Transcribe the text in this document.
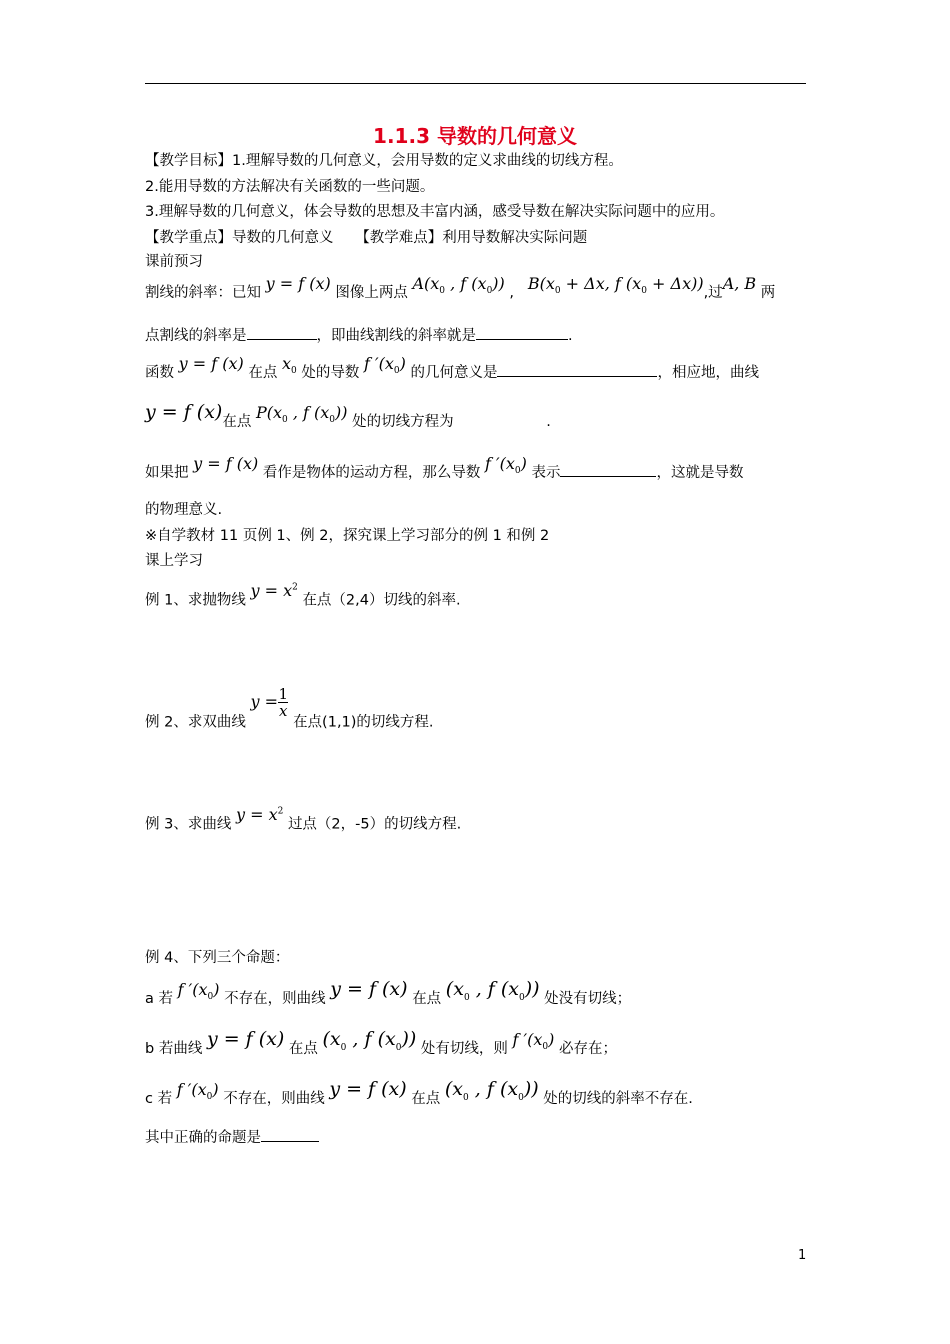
1.1.3 导数的几何意义
【教学目标】1.理解导数的几何意义，会用导数的定义求曲线的切线方程。
2.能用导数的方法解决有关函数的一些问题。
3.理解导数的几何意义，体会导数的思想及丰富内涵，感受导数在解决实际问题中的应用。
【教学重点】导数的几何意义　　【教学难点】利用导数解决实际问题
课前预习
割线的斜率：已知 y = f (x) 图像上两点 $A(x_0$ , f $(x_0)$) , $B(x_0 + \Delta x$, f $(x_0 + \Delta x)$),过A, B 两
点割线的斜率是	，即曲线割线的斜率就是	.
函数 y = f (x) 在点 $x_0$ 处的导数 f $'(x_0)$ 的几何意义是	，相应地，曲线
y = f (x)在点 $P(x_0$ , f $(x_0)$) 处的切线方程为	.
如果把 y = f (x) 看作是物体的运动方程，那么导数 f $'(x_0)$ 表示	，这就是导数
的物理意义.
※自学教材 11 页例 1、例 2，探究课上学习部分的例 1 和例 2
课上学习
例 1、求抛物线 $y = x^2$ 在点（2,4）切线的斜率.
例 2、求双曲线 $y = \frac{1}{x}$
在点(1,1)的切线方程.
例 3、求曲线 $y = x^2$ 过点（2，-5）的切线方程.
例 4、下列三个命题：
a 若 f $'(x_0)$ 不存在，则曲线 y = f (x) 在点 ($x_0$ , f $(x_0)$) 处没有切线；
b 若曲线 y = f (x) 在点 ($x_0$ , f $(x_0)$) 处有切线，则 f $'(x_0)$ 必存在；
c 若 f $'(x_0)$ 不存在，则曲线 y = f (x) 在点 ($x_0$ , f $(x_0)$) 处的切线的斜率不存在.
其中正确的命题是
1
